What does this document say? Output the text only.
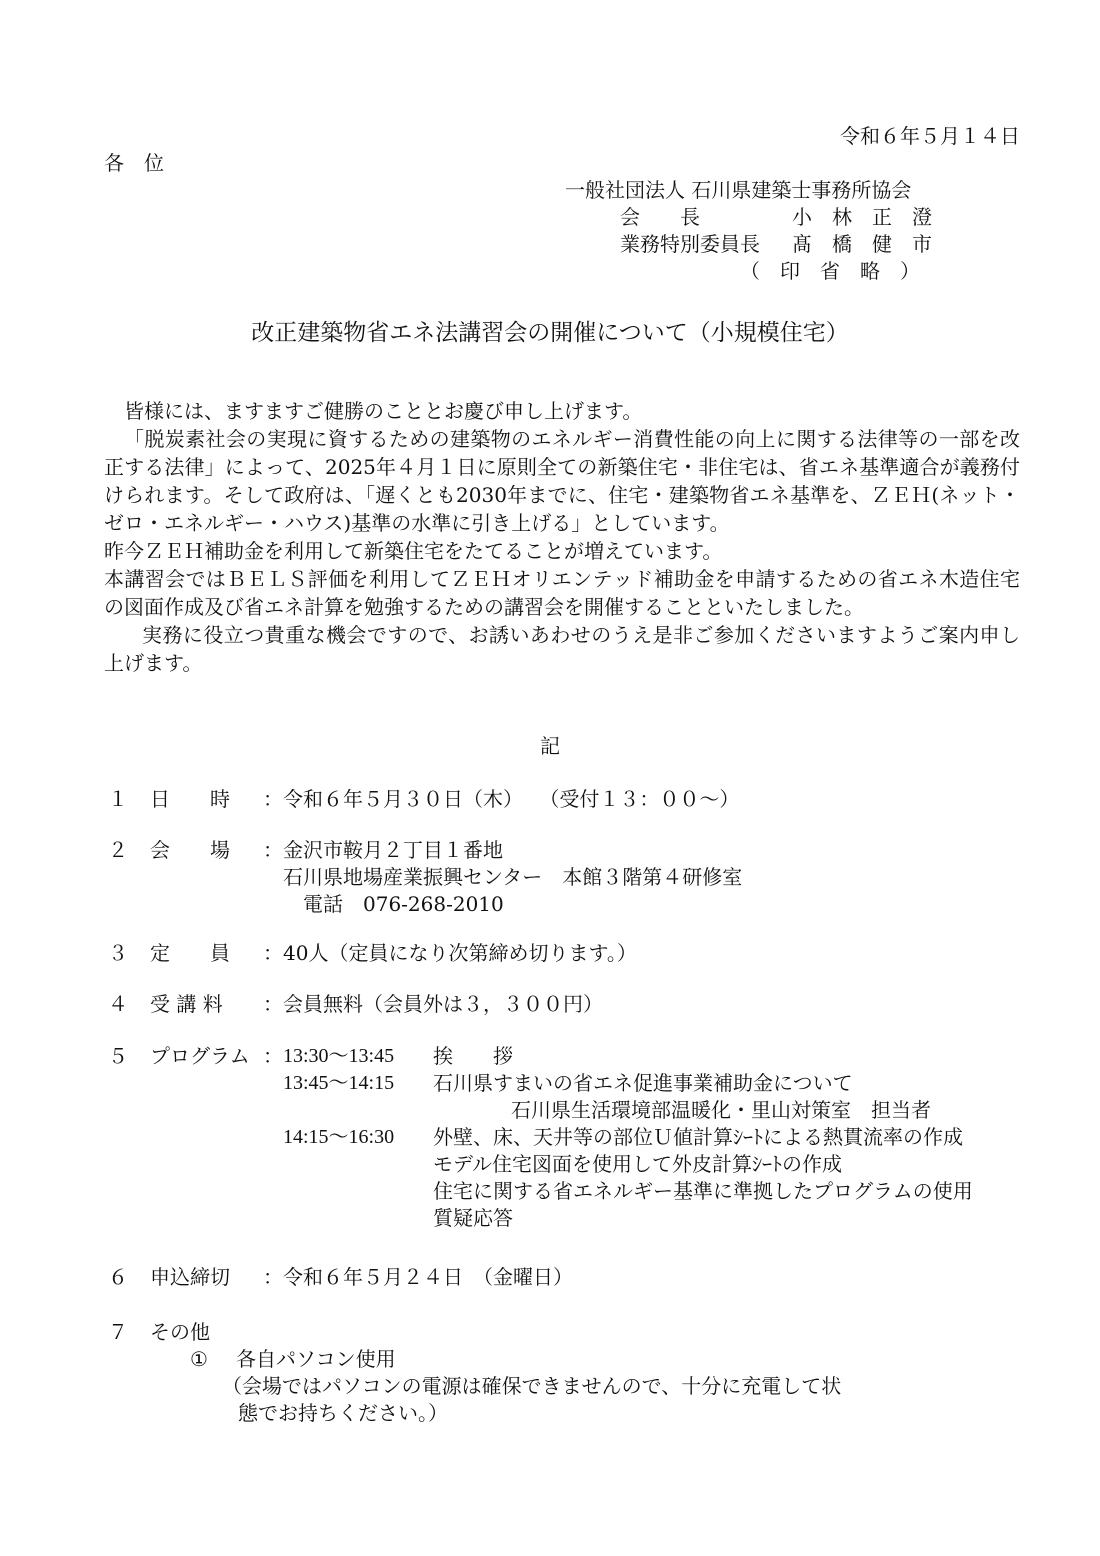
令和６年５月１４日
各　位
一般社団法人 石川県建築士事務所協会
会　　長	小　林　正　澄
業務特別委員長 髙　橋　健　市
（　印　省　略　）
改正建築物省エネ法講習会の開催について（小規模住宅）

皆様には、ますますご健勝のこととお慶び申し上げます。

「脱炭素社会の実現に資するための建築物のエネルギー消費性能の向上に関する法律等の一部を改正する法律」によって、2025年４月１日に原則全ての新築住宅・非住宅は、省エネ基準適合が義務付けられます。そして政府は、「遅くとも2030年までに、住宅・建築物省エネ基準を、ＺＥＨ(ネット・ゼロ・エネルギー・ハウス)基準の水準に引き上げる」としています。

昨今ＺＥＨ補助金を利用して新築住宅をたてることが増えています。

本講習会ではＢＥＬＳ評価を利用してＺＥＨオリエンテッド補助金を申請するための省エネ木造住宅の図面作成及び省エネ計算を勉強するための講習会を開催することといたしました。

実務に役立つ貴重な機会ですので、お誘いあわせのうえ是非ご参加くださいますようご案内申し上げます。

記
１ 日　　時 ： 令和６年５月３０日（木）　 （受付１３：００〜）
２ 会　　場 ： 金沢市鞍月２丁目１番地
石川県地場産業振興センター　本館３階第４研修室
電話　076-268-2010
３ 定　　員 ： 40人（定員になり次第締め切ります。）
４ 受 講 料 ： 会員無料（会員外は３，３００円）
５ プログラム ： 13:30〜13:45 挨　　拶
13:45〜14:15 石川県すまいの省エネ促進事業補助金について
石川県生活環境部温暖化・里山対策室　担当者
14:15〜16:30 外壁、床、天井等の部位Ｕ値計算ｼｰﾄによる熱貫流率の作成
モデル住宅図面を使用して外皮計算ｼｰﾄの作成
住宅に関する省エネルギー基準に準拠したプログラムの使用
質疑応答
６ 申込締切 ： 令和６年５月２４日　（金曜日）
７ その他
① 各自パソコン使用
（会場ではパソコンの電源は確保できませんので、十分に充電して状
態でお持ちください。）
